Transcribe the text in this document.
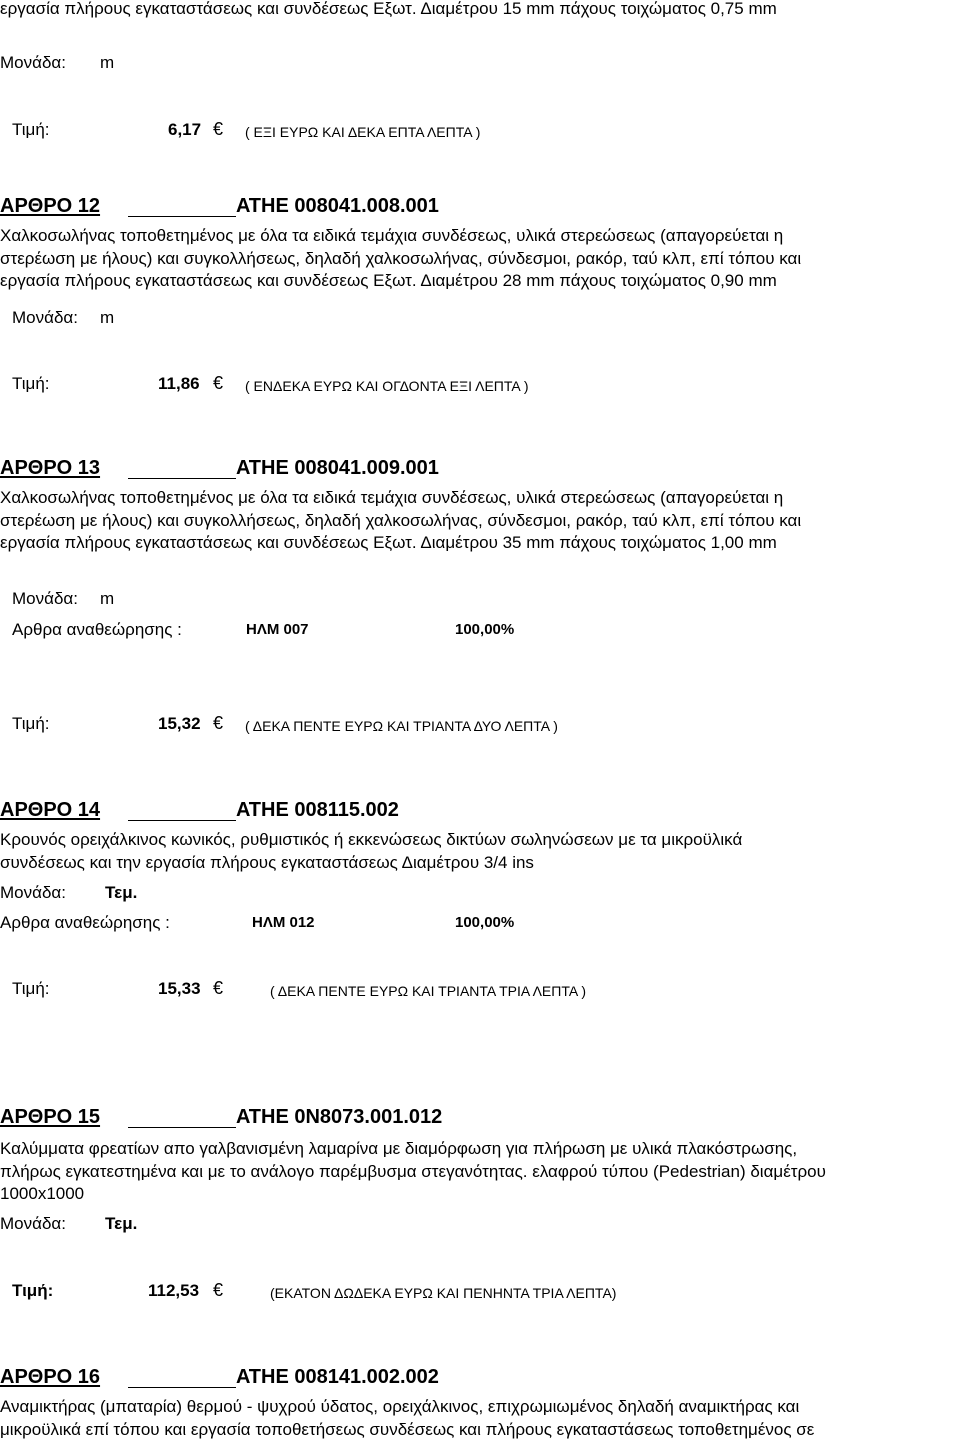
εργασία πλήρους εγκαταστάσεως και συνδέσεως Εξωτ. Διαμέτρου 15 mm πάχους τοιχώματος 0,75 mm
Μονάδα: m
Τιμή:	6,17 € ( ΕΞΙ ΕΥΡΩ ΚΑΙ ΔΕΚΑ ΕΠΤΑ ΛΕΠΤΑ )
ΑΡΘΡΟ 12	ΑΤΗΕ 008041.008.001
Χαλκοσωλήνας τοποθετημένος με όλα τα ειδικά τεμάχια συνδέσεως, υλικά στερεώσεως (απαγορεύεται η
στερέωση με ήλους) και συγκολλήσεως, δηλαδή χαλκοσωλήνας, σύνδεσμοι, ρακόρ, ταύ κλπ, επί τόπου και
εργασία πλήρους εγκαταστάσεως και συνδέσεως Εξωτ. Διαμέτρου 28 mm πάχους τοιχώματος 0,90 mm
Μονάδα: m
Τιμή:	11,86 € ( ΕΝΔΕΚΑ ΕΥΡΩ ΚΑΙ ΟΓΔΟΝΤΑ ΕΞΙ ΛΕΠΤΑ )
ΑΡΘΡΟ 13	ΑΤΗΕ 008041.009.001
Χαλκοσωλήνας τοποθετημένος με όλα τα ειδικά τεμάχια συνδέσεως, υλικά στερεώσεως (απαγορεύεται η
στερέωση με ήλους) και συγκολλήσεως, δηλαδή χαλκοσωλήνας, σύνδεσμοι, ρακόρ, ταύ κλπ, επί τόπου και
εργασία πλήρους εγκαταστάσεως και συνδέσεως Εξωτ. Διαμέτρου 35 mm πάχους τοιχώματος 1,00 mm
Μονάδα: m
Αρθρα αναθεώρησης :	ΗΛΜ 007	100,00%
Τιμή:	15,32 € ( ΔΕΚΑ ΠΕΝΤΕ ΕΥΡΩ ΚΑΙ ΤΡΙΑΝΤΑ ΔΥΟ ΛΕΠΤΑ )
ΑΡΘΡΟ 14	ΑΤΗΕ 008115.002
Κρουνός ορειχάλκινος κωνικός, ρυθμιστικός ή εκκενώσεως δικτύων σωληνώσεων με τα μικροϋλικά
συνδέσεως και την εργασία πλήρους εγκαταστάσεως Διαμέτρου 3/4 ins
Μονάδα: Τεμ.
Αρθρα αναθεώρησης :	ΗΛΜ 012	100,00%
Τιμή:	15,33 €	( ΔΕΚΑ ΠΕΝΤΕ ΕΥΡΩ ΚΑΙ ΤΡΙΑΝΤΑ ΤΡΙΑ ΛΕΠΤΑ )
ΑΡΘΡΟ 15	ΑΤΗΕ 0Ν8073.001.012
Καλύμματα φρεατίων απο γαλβανισμένη λαμαρίνα με διαμόρφωση για πλήρωση με υλικά πλακόστρωσης,
πλήρως εγκατεστημένα και με το ανάλογο παρέμβυσμα στεγανότητας. ελαφρού τύπου (Pedestrian) διαμέτρου
1000x1000
Μονάδα: Τεμ.
Τιμή:	112,53 €	(ΕΚΑΤΟΝ ΔΩΔΕΚΑ ΕΥΡΩ ΚΑΙ ΠΕΝΗΝΤΑ ΤΡΙΑ ΛΕΠΤΑ)
ΑΡΘΡΟ 16	ΑΤΗΕ 008141.002.002
Αναμικτήρας (μπαταρία) θερμού - ψυχρού ύδατος, ορειχάλκινος, επιχρωμιωμένος δηλαδή αναμικτήρας και
μικροϋλικά επί τόπου και εργασία τοποθετήσεως συνδέσεως και πλήρους εγκαταστάσεως τοποθετημένος σε
